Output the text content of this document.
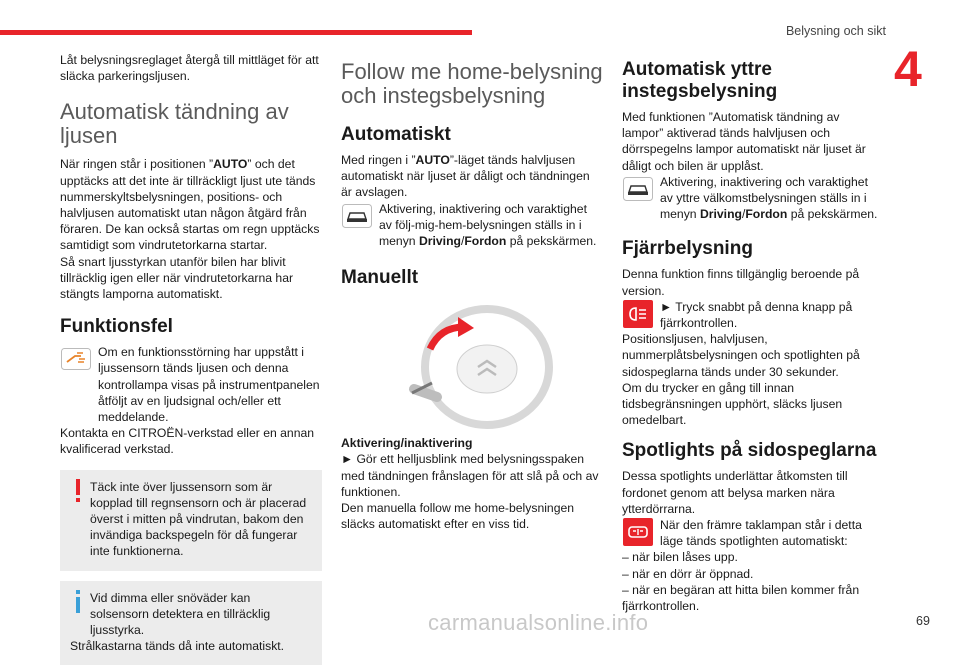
Belysning och sikt
4

Låt belysningsreglaget återgå till mittläget för att släcka parkeringsljusen.

Automatisk tändning av ljusen

När ringen står i positionen ”AUTO” och det upptäcks att det inte är tillräckligt ljust ute tänds nummerskyltsbelysningen, positions- och halvljusen automatiskt utan någon åtgärd från föraren. De kan också startas om regn upptäcks samtidigt som vindrutetorkarna startar.

Så snart ljusstyrkan utanför bilen har blivit tillräcklig igen eller när vindrutetorkarna har stängts lamporna automatiskt.

Funktionsfel

Om en funktionsstörning har uppstått i ljussensorn tänds ljusen och denna kontrollampa visas på instrumentpanelen åtföljt av en ljudsignal och/eller ett meddelande.

Kontakta en CITROËN-verkstad eller en annan kvalificerad verkstad.

Täck inte över ljussensorn som är kopplad till regnsensorn och är placerad överst i mitten på vindrutan, bakom den invändiga backspegeln för då fungerar inte funktionerna.

Vid dimma eller snöväder kan solsensorn detektera en tillräcklig ljusstyrka.

Strålkastarna tänds då inte automatiskt.

Follow me home-belysning och instegsbelysning
Automatiskt

Med ringen i ”AUTO”-läget tänds halvljusen automatiskt när ljuset är dåligt och tändningen är avslagen.

Aktivering, inaktivering och varaktighet av följ-mig-hem-belysningen ställs in i menyn Driving/Fordon på pekskärmen.

Manuellt

Aktivering/inaktivering

► Gör ett helljusblink med belysningsspaken med tändningen frånslagen för att slå på och av funktionen.

Den manuella follow me home-belysningen släcks automatiskt efter en viss tid.

Automatisk yttre instegsbelysning

Med funktionen ”Automatisk tändning av lampor” aktiverad tänds halvljusen och dörrspegelns lampor automatiskt när ljuset är dåligt och bilen är upplåst.

Aktivering, inaktivering och varaktighet av yttre välkomstbelysningen ställs in i menyn Driving/Fordon på pekskärmen.

Fjärrbelysning

Denna funktion finns tillgänglig beroende på version.

► Tryck snabbt på denna knapp på fjärrkontrollen.

Positionsljusen, halvljusen, nummerplåtsbelysningen och spotlighten på sidospeglarna tänds under 30 sekunder.

Om du trycker en gång till innan tidsbegränsningen upphört, släcks ljusen omedelbart.

Spotlights på sidospeglarna

Dessa spotlights underlättar åtkomsten till fordonet genom att belysa marken nära ytterdörrarna.

När den främre taklampan står i detta läge tänds spotlighten automatiskt:

– när bilen låses upp.

– när en dörr är öppnad.

– när en begäran att hitta bilen kommer från fjärrkontrollen.

carmanualsonline.info	69
